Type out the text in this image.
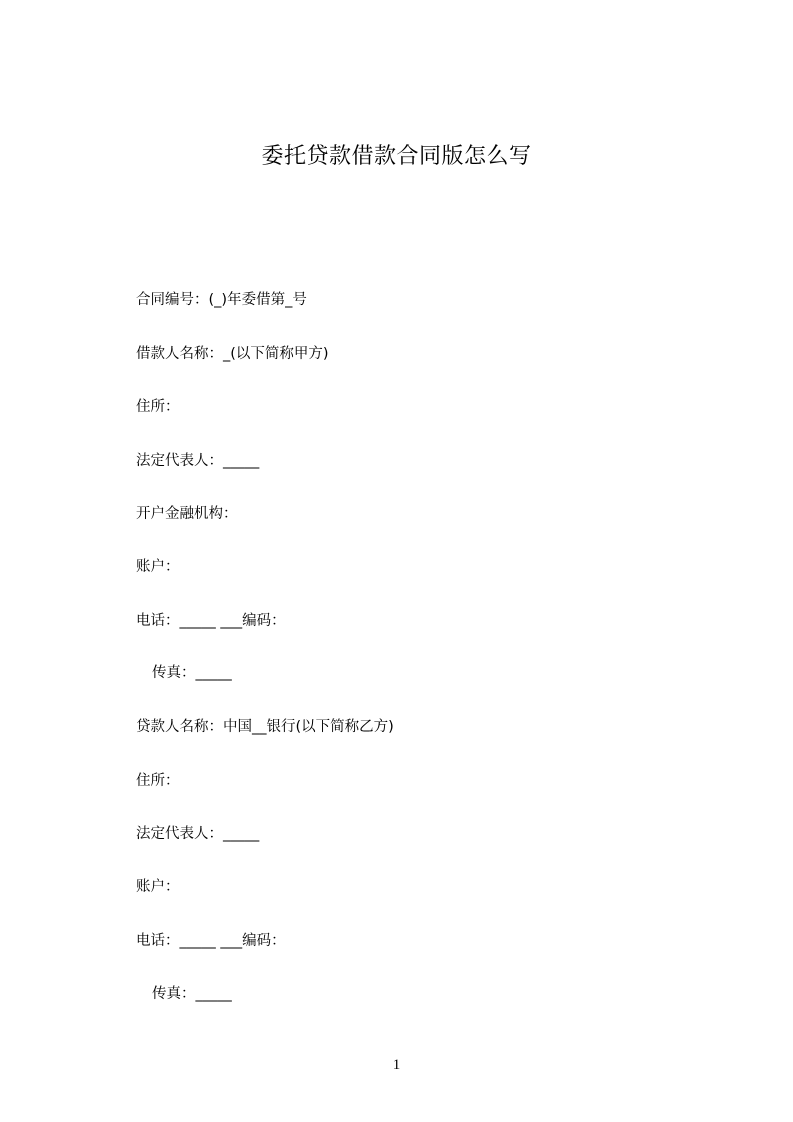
委托贷款借款合同版怎么写
合同编号：(_)年委借第_号
借款人名称：_(以下简称甲方)
住所：
法定代表人：_____
开户金融机构：
账户：
电话：_____ ___编码：
传真：_____
贷款人名称：中国__银行(以下简称乙方)
住所：
法定代表人：_____
账户：
电话：_____ ___编码：
传真：_____
1
